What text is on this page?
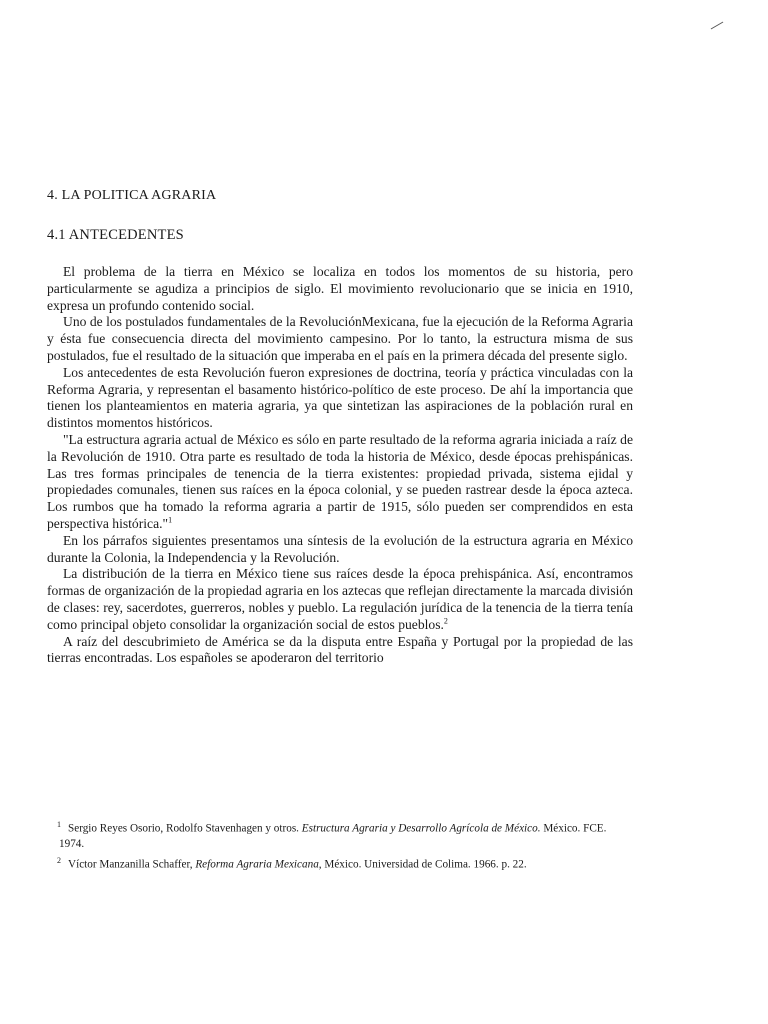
4. LA POLITICA AGRARIA
4.1 ANTECEDENTES

El problema de la tierra en México se localiza en todos los momentos de su historia, pero particularmente se agudiza a principios de siglo. El movimiento revolucionario que se inicia en 1910, expresa un profundo contenido social.

Uno de los postulados fundamentales de la RevoluciónMexicana, fue la ejecución de la Reforma Agraria y ésta fue consecuencia directa del movimiento campesino. Por lo tanto, la estructura misma de sus postulados, fue el resultado de la situación que imperaba en el país en la primera década del presente siglo.

Los antecedentes de esta Revolución fueron expresiones de doctrina, teoría y práctica vinculadas con la Reforma Agraria, y representan el basamento histórico-político de este proceso. De ahí la importancia que tienen los planteamientos en materia agraria, ya que sintetizan las aspiraciones de la población rural en distintos momentos históricos.

"La estructura agraria actual de México es sólo en parte resultado de la reforma agraria iniciada a raíz de la Revolución de 1910. Otra parte es resultado de toda la historia de México, desde épocas prehispánicas. Las tres formas principales de tenencia de la tierra existentes: propiedad privada, sistema ejidal y propiedades comunales, tienen sus raíces en la época colonial, y se pueden rastrear desde la época azteca. Los rumbos que ha tomado la reforma agraria a partir de 1915, sólo pueden ser comprendidos en esta perspectiva histórica."$^1$

En los párrafos siguientes presentamos una síntesis de la evolución de la estructura agraria en México durante la Colonia, la Independencia y la Revolución.

La distribución de la tierra en México tiene sus raíces desde la época prehispánica. Así, encontramos formas de organización de la propiedad agraria en los aztecas que reflejan directamente la marcada división de clases: rey, sacerdotes, guerreros, nobles y pueblo. La regulación jurídica de la tenencia de la tierra tenía como principal objeto consolidar la organización social de estos pueblos.$^2$

A raíz del descubrimieto de América se da la disputa entre España y Portugal por la propiedad de las tierras encontradas. Los españoles se apoderaron del territorio

$^1$ Sergio Reyes Osorio, Rodolfo Stavenhagen y otros. Estructura Agraria y Desarrollo Agrícola de México. México. FCE. 1974.

$^2$ Víctor Manzanilla Schaffer, Reforma Agraria Mexicana, México. Universidad de Colima. 1966. p. 22.
